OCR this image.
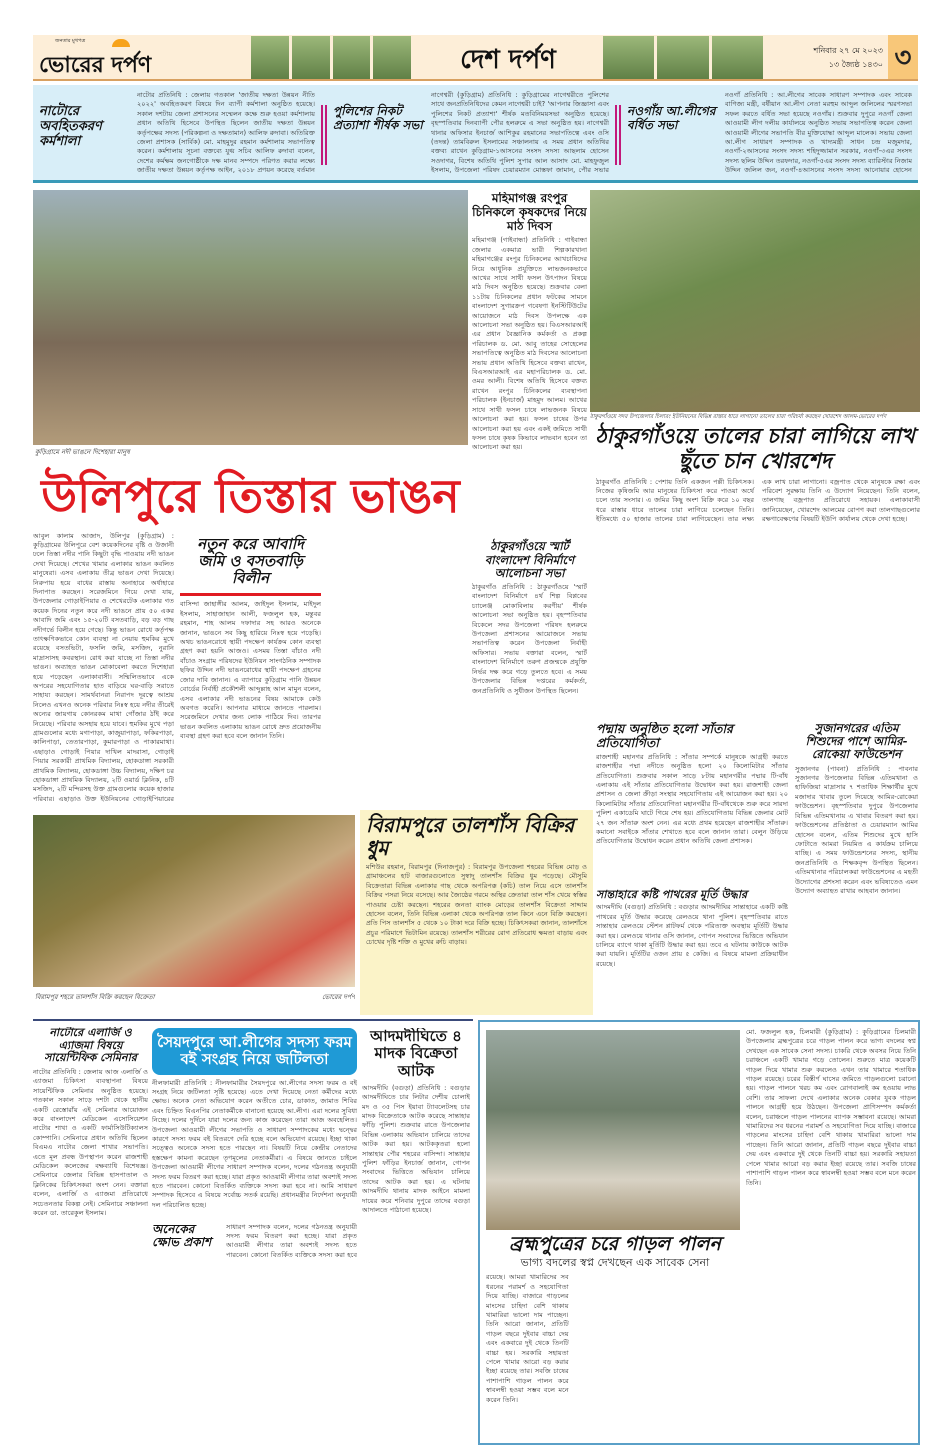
জনতার মুখপত্র
ভোরের দর্পণ	দেশ দর্পণ	শনিবার ২৭ মে ২০২৩
১৩ জ্যৈষ্ঠ ১৪৩০ ৩
নাটোরে অবহিতকরণ কর্মশালা
নাটোর প্রতিনিধি : জেলায় গতকাল 'জাতীয় দক্ষতা উন্নয়ন নীতি ২০২২' অবহিতকরণ বিষয়ে দিন ব্যাপী কর্মশালা অনুষ্ঠিত হয়েছে। সকাল দশটায় জেলা প্রশাসনের সম্মেলন কক্ষে শুরু হওয়া কর্মশালায় প্রধান অতিথি হিসেবে উপস্থিত ছিলেন জাতীয় দক্ষতা উন্নয়ন কর্তৃপক্ষের সদস্য (পরিকল্পনা ও দক্ষতামান) আলিফ রুদাবা। অতিরিক্ত জেলা প্রশাসক (সার্বিক) মো. মাহমুদুর রহমান কর্মশালায় সভাপতিত্ব করেন। কর্মশালায় সূচনা বক্তব্যে যুগ্ম সচিব আলিফ রুদাবা বলেন, দেশের কর্মক্ষম জনগোষ্ঠীকে দক্ষ মানব সম্পদে পরিণত করার লক্ষ্যে জাতীয় দক্ষতা উন্নয়ন কর্তৃপক্ষ আইন, ২০১৮ প্রণয়ন করেছে বর্তমান
পুলিশের নিকট প্রত্যাশা শীর্ষক সভা
নাগেশ্বরী (কুড়িগ্রাম) প্রতিনিধি : কুড়িগ্রামের নাগেশ্বরীতে পুলিশের সাথে জনপ্রতিনিধিদের কেমন নাগেশ্বরী চাই? 'আপনার জিজ্ঞাসা এবং পুলিশের নিকট প্রত্যাশা' শীর্ষক মতবিনিময়সভা অনুষ্ঠিত হয়েছে। বৃহস্পতিবার দিনব্যাপী পৌর হলরুমে এ সভা অনুষ্ঠিত হয়। নাগেশ্বরী থানার অফিসার ইনচার্জ আশিকুর রহমানের সভাপতিত্বে এবং ওসি (তদন্ত) তামবিরুল ইসলামের সঞ্চালনায় এ সময় প্রধান অতিথির বক্তব্য রাখেন কুড়িগ্রাম-১আসনের সংসদ সদস্য আছলাম হোসেন সওদাগর, বিশেষ অতিথি পুলিশ সুপার আল আসাদ মো. মাহফুজুল ইসলাম, উপজেলা পরিষদ চেয়ারম্যান মোস্তফা জামান, পৌর সভার
নওগাঁয় আ.লীগের বর্ধিত সভা
নওগাঁ প্রতিনিধি : আ.লীগের সাবেক সাধারণ সম্পাদক এবং সাবেক বাণিজ্য মন্ত্রী, বর্ষীয়ান আ.লীগ নেতা মরহুম আব্দুল জলিলের স্মরণসভা সফল করতে বর্ধিত সভা হয়েছে নওগাঁয়। শুক্রবার দুপুরে নওগাঁ জেলা আওয়ামী লীগ দলীয় কার্যালয়ে অনুষ্ঠিত সভায় সভাপতিত্ব করেন জেলা আওয়ামী লীগের সভাপতি বীর মুক্তিযোদ্ধা আব্দুল মালেক। সভায় জেলা আ.লীগ সাধারণ সম্পাদক ও খাদ্যমন্ত্রী সাধন চন্দ্র মজুমদার, নওগাঁ-২আসনের সংসদ সদস্য শহিদুজ্জামান সরকার, নওগাঁ-৩এর সংসদ সদস্য ছলিম উদ্দিন তরফদার, নওগাঁ-৫এর সংসদ সদস্য ব্যারিস্টার নিজাম উদ্দিন জলিল জন, নওগাঁ-৪আসনের সংসদ সদস্য আনোয়ার হোসেন
কুড়িগ্রামে নদী ভাঙনে দিশেহারা মানুষ
উলিপুরে তিস্তার ভাঙন
আবুল কালাম আজাদ, উলিপুর (কুড়িগ্রাম) : কুড়িগ্রামের উলিপুরে বেশ কয়েকদিনের বৃষ্টি ও উজানী ঢলে তিস্তা নদীর পানি কিছুটা বৃদ্ধি পাওয়ায় নদী ভাঙন দেখা দিয়েছে। শেখের খামার এলাকার ভাঙন কবলিত মানুষেরা। এসব এলাকায় তীব্র ভাঙন দেখা দিয়েছে। নিরুপায় হয়ে বাধের রাস্তায় অনাহারে অর্ধাহারে দিনাপাত করছেন। সরেজমিনে গিয়ে দেখা যায়, উপজেলার গোড়াইপিয়ার ও শেখেরটেক এলাকার গত কয়েক দিনের নতুন করে নদী ভাঙনে প্রায় ৫০ একর আবাদি জমি এবং ১৫-২০টি বসতবাড়ি, বড় বড় গাছ নদীগর্ভে বিলীন হয়ে গেছে। কিন্তু ভাঙন রোধে কর্তৃপক্ষ তাৎক্ষণিকভাবে কোন ব্যবস্থা না নেয়ায় হুমকির মুখে রয়েছে বসতভিটা, ফসলি জমি, মসজিদ, নুরানি মাদ্রাসাসহ কবরস্থান। রোধ করা যাচ্ছে না তিস্তা নদীর ভাঙন। অব্যাহত ভাঙন মোকাবেলা করতে দিশেহারা হয়ে পড়েছেন এলাকাবাসী। সম্মিলিতভাবে একে অপরের সহযোগিতার হাত বাড়িয়ে ঘর-বাড়ি সরাতে সাহায্য করছেন। সামর্থবানরা নিরাপদ দূরত্বে আশ্রয় নিলেও এখনও অনেক পরিবার নিঃস্ব হয়ে নদীর তীরেই অন্যের জায়গায় কোনরকম মাথা গোঁজার ঠাঁই করে নিয়েছে। পরিবার অসহায় হয়ে যাবে। হুমকির মুখে পড়া গ্রামগুলোর মধ্যে মগাপাড়া, কাজুয়াপাড়া, ফকিরপাড়া, কালিপাড়া, তেতারপাড়া, কুমারপাড়া ও পাকারমাথা। এছাড়াও গোড়াই পিয়ার দাখিল মাদরাসা, গোড়াই পিয়ার সরকারী প্রাথমিক বিদ্যালয়, হোকডাঙ্গা সরকারী প্রাথমিক বিদ্যালয়, হোকডাঙ্গা উচ্চ বিদ্যালয়, দক্ষিণ চর হোকডাঙ্গা প্রাথমিক বিদ্যালয়, ২টি ওয়ার্ড ক্লিনিক, ৪টি মসজিদ, ২টি মন্দিরসহ উক্ত গ্রামগুলোর কয়েক হাজার পরিবার। এছাড়াও উক্ত ইউনিয়নের গোড়াইপিয়ারের
নতুন করে আবাদি জমি ও বসতবাড়ি বিলীন
বাসিন্দা জাহাঙ্গীর আলম, জাইদুল ইসলাম, মাইদুল ইসলাম, সাহাজাহান আলী, ফজলুল হক, মন্তুবর রহমান, শাহ আলম দফাদার সহ আরও অনেকে জানান, ভাঙনে সব কিছু হারিয়ে নিঃস্ব হয়ে পড়েছি। অথচ ভাঙনরোধে স্থায়ী পদক্ষেপ কার্যক্রম কোন ব্যবস্থা গ্রহণ করা হয়নি আজও। এসময় তিস্তা বাঁচাও নদী বাঁচাও সংগ্রাম পরিষদের ইউনিয়ন সাংগঠনিক সম্পাদক ছফির উদ্দিন নদী ভাঙনরোধের স্থায়ী পদক্ষেপ গ্রহনের জোর দাবি জানান। এ ব্যাপারে কুড়িগ্রাম পানি উন্নয়ন বোর্ডের নির্বাহী প্রকৌশলী আব্দুল্লাহ আল মামুন বলেন, এসব এলাকার নদী ভাঙনের বিষয় আমাকে কেউ অবগত করেনি। আপনার মাধ্যমে জানতে পারলাম। সরেজমিনে দেখার জন্য লোক পাঠিয়ে দিব। তারপর ভাঙন কবলিত এলাকায় ভাঙন রোধে দ্রুত প্রয়োজনীয় ব্যবস্থা গ্রহণ করা হবে বলে জানান তিনি।
মহিমাগঞ্জ রংপুর চিনিকলে কৃষকদের নিয়ে মাঠ দিবস
মহিমাগঞ্জ (গাইবান্ধা) প্রতিনিধি : গাইবান্ধা জেলার একমাত্র ভারী শিল্পকারখানা মহিমাগঞ্জের রংপুর চিনিকলের আখচাষিদের নিয়ে আধুনিক প্রযুক্তিতে লাভজনকভাবে আখের সাথে সাথী ফসল উৎপাদন বিষয়ে মাঠ দিবস অনুষ্ঠিত হয়েছে। শুক্রবার বেলা ১১টায় চিনিকলের প্রধান ফটকের সামনে বাংলাদেশ সুগারক্রপ গবেষণা ইনস্টিটিউটের আয়োজনে মাঠ দিবস উপলক্ষে এক আলোচনা সভা অনুষ্ঠিত হয়। বিএসআরআই এর প্রধান বৈজ্ঞানিক কর্মকর্তা ও প্রকল্প পরিচালক ড. মো. আবু তাহের সোহেলের সভাপতিত্বে অনুষ্ঠিত মাঠ দিবসের আলোচনা সভায় প্রধান অতিথি হিসেবে বক্তব্য রাখেন, বিএসআরআই এর মহাপরিচালক ড. মো. ওমর আলী। বিশেষ অতিথি হিসেবে বক্তব্য রাখেন রংপুর চিনিকলের ব্যবস্থাপনা পরিচালক (ইনচার্জ) মাহমুদ আলম। আখের সাথে সাথী ফসল চাষে লাভজনক বিষয়ে আলোচনা করা হয়। ফসল চাষের উপর আলোচনা করা হয় এবং একই জমিতে সাথী ফসল চাষে কৃষক কিভাবে লাভবান হবেন তা আলোচনা করা হয়।
ঠাকুরগাঁওয়ে স্মার্ট বাংলাদেশ বিনির্মাণে আলোচনা সভা
ঠাকুরগাঁও প্রতিনিধি : ঠাকুরগাঁওয়ে 'স্মার্ট বাংলাদেশ বিনির্মাণে ৪র্থ শিল্প বিপ্লবের চ্যালেঞ্জ মোকাবিলায় করণীয়' শীর্ষক আলোচনা সভা অনুষ্ঠিত হয়। বৃহস্পতিবার বিকেলে সদর উপজেলা পরিষদ হলরুমে উপজেলা প্রশাসনের আয়োজনে সভায় সভাপতিত্ব করেন উপজেলা নির্বাহী অফিসার। সভায় বক্তারা বলেন, স্মার্ট বাংলাদেশ বিনির্মাণে তরুণ প্রজন্মকে প্রযুক্তি নির্ভর দক্ষ করে গড়ে তুলতে হবে। এ সময় উপজেলার বিভিন্ন দপ্তরের কর্মকর্তা, জনপ্রতিনিধি ও সুধীজন উপস্থিত ছিলেন।
ঠাকুরগাঁওয়ে সদর উপজেলার চিলারং ইউনিয়নের বিভিন্ন রাস্তার ধারে লাগানো তালের চারা পরিচর্যা করছেন খোরশেদ আলম-ভোরের দর্পণ
ঠাকুরগাঁওয়ে তালের চারা লাগিয়ে লাখ ছুঁতে চান খোরশেদ
ঠাকুরগাঁও প্রতিনিধি : পেশায় তিনি একজন পল্লী চিকিৎসক। নিজের কৃষিজমি আর মানুষের চিকিৎসা করে পাওয়া অর্থে চলে তার সংসার। এ জমির কিছু অংশ বিক্রি করে ১০ বছর ধরে রাস্তার ধারে তালের চারা লাগিয়ে চলেছেন তিনি। ইতিমধ্যে ৫০ হাজার তালের চারা লাগিয়েছেন। তার লক্ষ্য এক লাখ চারা লাগানো। বজ্রপাত থেকে মানুষকে রক্ষা এবং পরিবেশ সুরক্ষায় তিনি এ উদ্যোগ নিয়েছেন। তিনি বলেন, তালগাছ বজ্রপাত প্রতিরোধে সহায়ক। এলাকাবাসী জানিয়েছেন, খোরশেদ আলমের রোপণ করা তালগাছগুলোর রক্ষণাবেক্ষণের বিষয়টি ইউপি কার্যালয় থেকে দেখা হচ্ছে।
পদ্মায় অনুষ্ঠিত হলো সাঁতার প্রতিযোগিতা
রাজশাহী মহানগর প্রতিনিধি : সাঁতার সম্পর্কে মানুষকে আগ্রহী করতে রাজশাহীর পদ্মা নদীতে অনুষ্ঠিত হলো ২০ কিলোমিটার সাঁতার প্রতিযোগিতা। শুক্রবার সকাল সাড়ে ৮টায় মহানগরীর পদ্মার টি-বাঁধ এলাকায় এই সাঁতার প্রতিযোগিতার উদ্বোধন করা হয়। রাজশাহী জেলা প্রশাসন ও জেলা ক্রীড়া সংস্থার সহযোগিতায় এই আয়োজন করা হয়। ২০ কিলোমিটার সাঁতার প্রতিযোগিতা মহানগরীর টি-বাঁধথেকে শুরু করে সারদা পুলিশ একাডেমি ঘাটে গিয়ে শেষ হয়। প্রতিযোগিতায় বিভিন্ন জেলার মোট ২৭ জন সাঁতারু অংশ নেন। এর মধ্যে প্রথম হয়েছেন রাজশাহীর সাঁতারু। কমানো সবাইকে সাঁতার শেখাতে হবে বলে জানান তারা। বেলুন উড়িয়ে প্রতিযোগিতার উদ্বোধন করেন প্রধান অতিথি জেলা প্রশাসক।
সান্তাহারে কষ্টি পাথরের মূর্তি উদ্ধার
আদমদীঘি (বগুড়া) প্রতিনিধি : বগুড়ার আদমদীঘির সান্তাহারে একটি কষ্টি পাথরের মূর্তি উদ্ধার করেছে রেলওয়ে থানা পুলিশ। বৃহস্পতিবার রাতে সান্তাহার রেলওয়ে স্টেশন প্লাটফর্ম থেকে পরিত্যক্ত অবস্থায় মূর্তিটি উদ্ধার করা হয়। রেলওয়ে থানার ওসি জানান, গোপন সংবাদের ভিত্তিতে অভিযান চালিয়ে ব্যাগে থাকা মূর্তিটি উদ্ধার করা হয়। তবে এ ঘটনায় কাউকে আটক করা যায়নি। মূর্তিটির ওজন প্রায় ৫ কেজি। এ বিষয়ে মামলা প্রক্রিয়াধীন রয়েছে।
সুজানগরের এতিম শিশুদের পাশে আমির-রোকেয়া ফাউন্ডেশন
সুজানগর (পাবনা) প্রতিনিধি : পাবনার সুজানগর উপজেলার বিভিন্ন এতিমখানা ও হাফিজিয়া মাদ্রাসার ৭ শতাধিক শিক্ষার্থীর মুখে মজাদার খাবার তুলে দিয়েছে আমির-রোকেয়া ফাউন্ডেশন। বৃহস্পতিবার দুপুরে উপজেলার বিভিন্ন এতিমখানায় এ খাবার বিতরণ করা হয়। ফাউন্ডেশনের প্রতিষ্ঠাতা ও চেয়ারম্যান আমির হোসেন বলেন, এতিম শিশুদের মুখে হাসি ফোটাতে আমরা নিয়মিত এ কার্যক্রম চালিয়ে যাচ্ছি। এ সময় ফাউন্ডেশনের সদস্য, স্থানীয় জনপ্রতিনিধি ও শিক্ষকবৃন্দ উপস্থিত ছিলেন। এতিমখানার পরিচালকরা ফাউন্ডেশনের এ মহতী উদ্যোগের প্রশংসা করেন এবং ভবিষ্যতেও এমন উদ্যোগ অব্যাহত রাখার আহবান জানান।
বিরামপুর শহরে তালশাঁস বিক্রি করছেন বিক্রেতা	ভোরের দর্পণ
বিরামপুরে তালশাঁস বিক্রির ধুম
মশিউর রহমান, বিরামপুর (দিনাজপুর) : বিরামপুর উপজেলা শহরের বিভিন্ন মোড় ও গ্রামাঞ্চলের হাট বাজারগুলোতে সুস্বাদু তালশাঁস বিক্রির ধুম পড়েছে। মৌসুমি বিক্রেতারা বিভিন্ন এলাকার গাছ থেকে অপরিপক্ক (কচি) তাল নিয়ে এসে তালশাঁস বিক্রির পসরা নিয়ে বসেছে। আর জ্যৈষ্ঠের গরমে অস্থির ক্রেতারা তাল শাঁস খেয়ে স্বস্তির পাওয়ার চেষ্টা করছেন। শহরের জনতা ব্যাংক মোড়ের তালশাঁস বিক্রেতা সাদ্দাম হোসেন বলেন, তিনি বিভিন্ন এলাকা থেকে অপরিপক্ক তাল কিনে এনে বিক্রি করছেন। প্রতি পিস তালশাঁস ৫ থেকে ১০ টাকা দরে বিক্রি হচ্ছে। চিকিৎসকরা জানান, তালশাঁসে প্রচুর পরিমাণে ভিটামিন রয়েছে। তালশাঁস শরীরের রোগ প্রতিরোধ ক্ষমতা বাড়ায় এবং চোখের দৃষ্টি শক্তি ও মুখের রুচি বাড়ায়।
নাটোরে এলার্জি ও এ্যাজমা বিষয়ে সায়েন্টিফিক সেমিনার
নাটোর প্রতিনিধি : জেলায় আজ এলার্জি ও এ্যাজমা চিকিৎসা ব্যবস্থাপনা বিষয়ে সায়েন্টিফিক সেমিনার অনুষ্ঠিত হয়েছে। গতকাল সকাল সাড়ে দশটা থেকে স্থানীয় একটি রেস্তোরাঁয় এই সেমিনার আয়োজন করে বাংলাদেশ মেডিকেল এসোসিয়েশন নাটোর শাখা ও একটি ফার্মাসিউটিক্যালস কোম্পানি। সেমিনারে প্রধান অতিথি ছিলেন বিএমএ নাটোর জেলা শাখার সভাপতি। এতে মূল প্রবন্ধ উপস্থাপন করেন রাজশাহী মেডিকেল কলেজের বক্ষব্যাধি বিশেষজ্ঞ। সেমিনারে জেলার বিভিন্ন হাসপাতাল ও ক্লিনিকের চিকিৎসকরা অংশ নেন। বক্তারা বলেন, এলার্জি ও এ্যাজমা প্রতিরোধে সচেতনতার বিকল্প নেই। সেমিনারে সঞ্চালনা করেন ডা. তারেকুল ইসলাম।
সৈয়দপুরে আ.লীগের সদস্য ফরম বই সংগ্রহ নিয়ে জটিলতা
নীলফামারী প্রতিনিধি : নীলফামারীর সৈয়দপুরে আ.লীগের সদস্য ফরম ও বই সংগ্রহ নিয়ে জটিলতা সৃষ্টি হয়েছে। এতে দেখা দিয়েছে নেতা কর্মীদের মধ্যে ক্ষোভ। অনেক নেতা অভিযোগ করেন অতীতে চোর, ডাকাত, জামাত শিবির এবং চিহ্নিত বিএনপির নেতাকর্মীকে বানানো হয়েছে আ.লীগ। এরা দলের সুবিধা নিচ্ছে। দলের দুর্দিনে যারা দলের জন্য কাজ করেছেন তারা আজ অবহেলিত। উপজেলা আওয়ামী লীগের সভাপতি ও সাধারণ সম্পাদকের মধ্যে দ্বন্দ্বের কারণে সদস্য ফরম বই বিতরণে দেরি হচ্ছে বলে অভিযোগ রয়েছে। ইচ্ছা থাকা সত্ত্বেও অনেকে সদস্য হতে পারছেন না। বিষয়টি নিয়ে কেন্দ্রীয় নেতাদের হস্তক্ষেপ কামনা করেছেন তৃণমূলের নেতাকর্মীরা। এ বিষয়ে জানতে চাইলে উপজেলা আওয়ামী লীগের সাধারণ সম্পাদক বলেন, দলের গঠনতন্ত্র অনুযায়ী সদস্য ফরম বিতরণ করা হচ্ছে। যারা প্রকৃত আওয়ামী লীগার তারা অবশ্যই সদস্য হতে পারবেন। কোনো বিতর্কিত ব্যক্তিকে সদস্য করা হবে না। আমি সাধারণ সম্পাদক হিসেবে এ বিষয়ে সর্বোচ্চ সতর্ক রয়েছি। প্রধানমন্ত্রীর নির্দেশনা অনুযায়ী দল পরিচালিত হচ্ছে।
অনেকের ক্ষোভ প্রকাশ
সাধারণ সম্পাদক বলেন, দলের গঠনতন্ত্র অনুযায়ী সদস্য ফরম বিতরণ করা হচ্ছে। যারা প্রকৃত আওয়ামী লীগার তারা অবশ্যই সদস্য হতে পারবেন। কোনো বিতর্কিত ব্যক্তিকে সদস্য করা হবে
আদমদীঘিতে ৪ মাদক বিক্রেতা আটক
আদমদীঘি (বগুড়া) প্রতিনিধি : বগুড়ার আদমদীঘিতে চার লিটার দেশীয় চোলাই মদ ও ৩৫ পিস ইয়াবা ট্যাবলেটসহ চার মাদক বিক্রেতাকে আটক করেছে সান্তাহার ফাঁড়ি পুলিশ। শুক্রবার রাতে উপজেলার বিভিন্ন এলাকায় অভিযান চালিয়ে তাদের আটক করা হয়। আটককৃতরা হলো সান্তাহার পৌর শহরের বাসিন্দা। সান্তাহার পুলিশ ফাঁড়ির ইনচার্জ জানান, গোপন সংবাদের ভিত্তিতে অভিযান চালিয়ে তাদের আটক করা হয়। এ ঘটনায় আদমদীঘি থানায় মাদক আইনে মামলা দায়ের করে শনিবার দুপুরে তাদের বগুড়া আদালতে পাঠানো হয়েছে।
মো. ফজলুল হক, চিলমারী (কুড়িগ্রাম) : কুড়িগ্রামের চিলমারী উপজেলার ব্রহ্মপুত্রের চরে গাড়ল পালন করে ভাগ্য বদলের স্বপ্ন দেখছেন এক সাবেক সেনা সদস্য। চাকরি থেকে অবসর নিয়ে তিনি চরাঞ্চলে একটি খামার গড়ে তোলেন। শুরুতে মাত্র কয়েকটি গাড়ল দিয়ে খামার শুরু করলেও এখন তার খামারে শতাধিক গাড়ল রয়েছে। চরের বিস্তীর্ণ ঘাসের জমিতে গাড়লগুলো চরানো হয়। গাড়ল পালনে খরচ কম এবং রোগবালাই কম হওয়ায় লাভ বেশি। তার সাফল্য দেখে এলাকার অনেক বেকার যুবক গাড়ল পালনে আগ্রহী হয়ে উঠছেন। উপজেলা প্রাণিসম্পদ কর্মকর্তা বলেন, চরাঞ্চলে গাড়ল পালনের ব্যাপক সম্ভাবনা রয়েছে। আমরা খামারিদের সব ধরনের পরামর্শ ও সহযোগিতা দিয়ে যাচ্ছি। বাজারে গাড়লের মাংসের চাহিদা বেশি থাকায় খামারিরা ভালো দাম পাচ্ছেন। তিনি আরো জানান, প্রতিটি গাড়ল বছরে দুইবার বাচ্চা দেয় এবং একবারে দুই থেকে তিনটি বাচ্চা হয়। সরকারি সহায়তা পেলে খামার আরো বড় করার ইচ্ছা রয়েছে তার। সবজি চাষের পাশাপাশি গাড়ল পালন করে স্বাবলম্বী হওয়া সম্ভব বলে মনে করেন তিনি।
ব্রহ্মপুত্রের চরে গাড়ল পালন
ভাগ্য বদলের স্বপ্ন দেখছেন এক সাবেক সেনা
রয়েছে। আমরা খামারিদের সব ধরনের পরামর্শ ও সহযোগিতা দিয়ে যাচ্ছি। বাজারে গাড়লের মাংসের চাহিদা বেশি থাকায় খামারিরা ভালো দাম পাচ্ছেন। তিনি আরো জানান, প্রতিটি গাড়ল বছরে দুইবার বাচ্চা দেয় এবং একবারে দুই থেকে তিনটি বাচ্চা হয়। সরকারি সহায়তা পেলে খামার আরো বড় করার ইচ্ছা রয়েছে তার। সবজি চাষের পাশাপাশি গাড়ল পালন করে স্বাবলম্বী হওয়া সম্ভব বলে মনে করেন তিনি।
